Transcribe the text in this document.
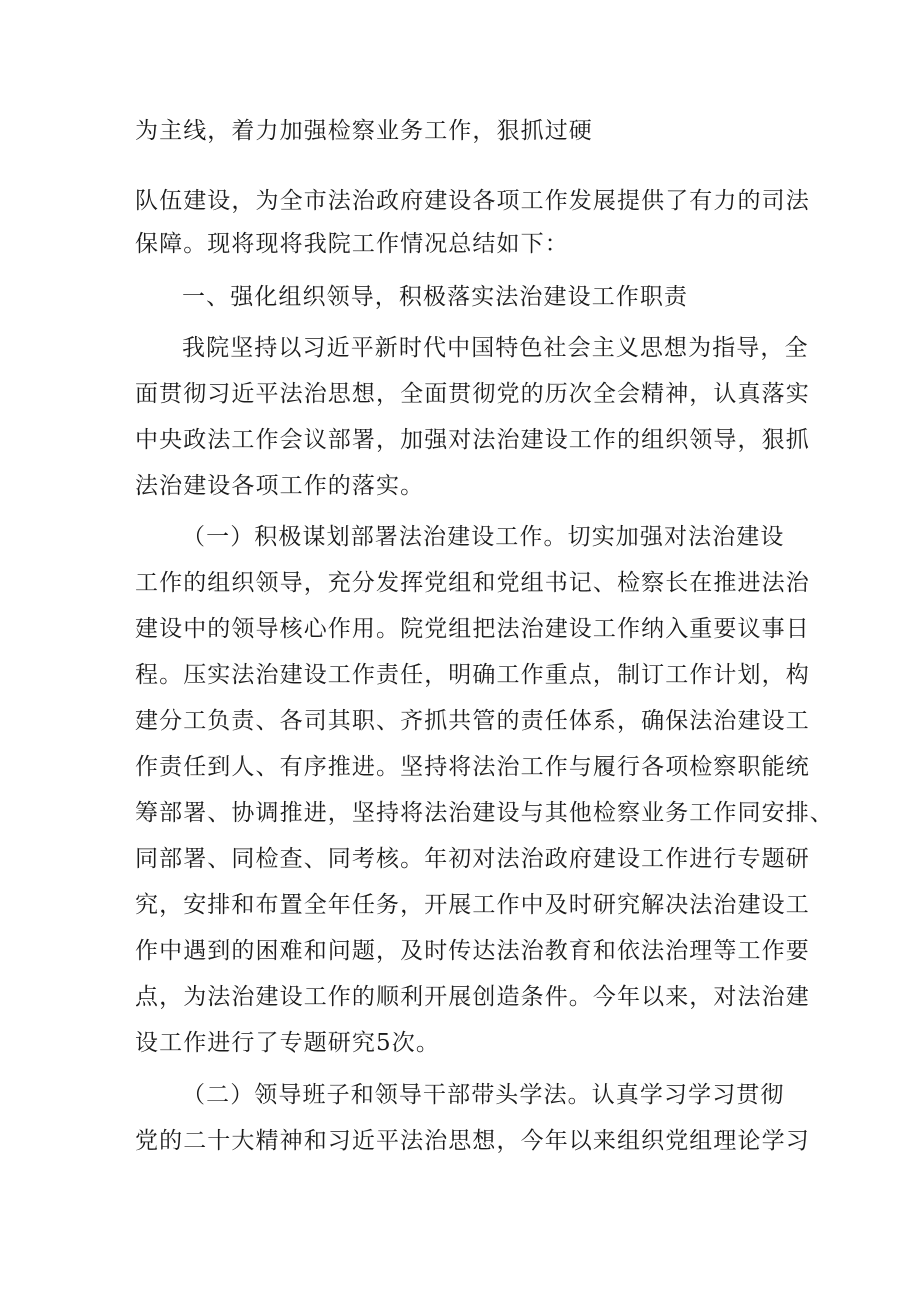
为主线，着力加强检察业务工作，狠抓过硬
队伍建设，为全市法治政府建设各项工作发展提供了有力的司法
保障。现将现将我院工作情况总结如下：
一、强化组织领导，积极落实法治建设工作职责
我院坚持以习近平新时代中国特色社会主义思想为指导，全
面贯彻习近平法治思想，全面贯彻党的历次全会精神，认真落实
中央政法工作会议部署，加强对法治建设工作的组织领导，狠抓
法治建设各项工作的落实。
（一）积极谋划部署法治建设工作。切实加强对法治建设
工作的组织领导，充分发挥党组和党组书记、检察长在推进法治
建设中的领导核心作用。院党组把法治建设工作纳入重要议事日
程。压实法治建设工作责任，明确工作重点，制订工作计划，构
建分工负责、各司其职、齐抓共管的责任体系，确保法治建设工
作责任到人、有序推进。坚持将法治工作与履行各项检察职能统
筹部署、协调推进，坚持将法治建设与其他检察业务工作同安排、
同部署、同检查、同考核。年初对法治政府建设工作进行专题研
究，安排和布置全年任务，开展工作中及时研究解决法治建设工
作中遇到的困难和问题，及时传达法治教育和依法治理等工作要
点，为法治建设工作的顺利开展创造条件。今年以来，对法治建
设工作进行了专题研究5次。
（二）领导班子和领导干部带头学法。认真学习学习贯彻
党的二十大精神和习近平法治思想，今年以来组织党组理论学习
